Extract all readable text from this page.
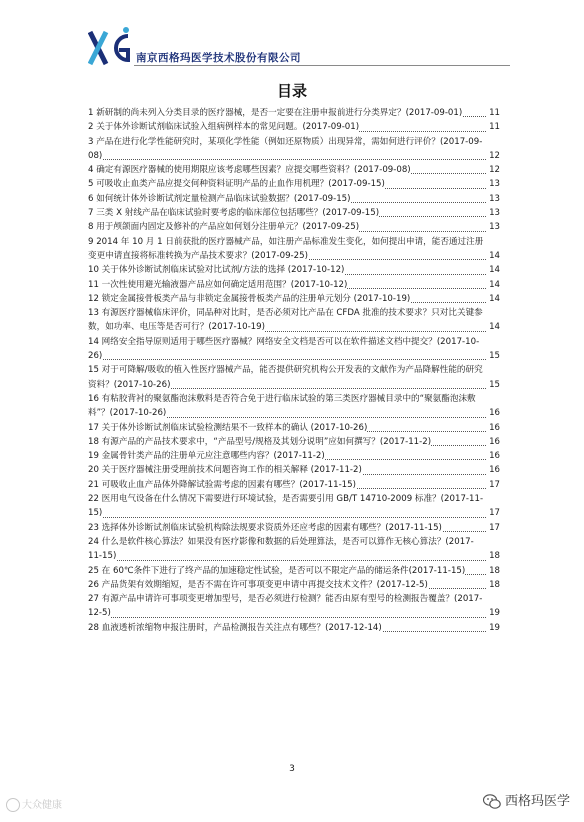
南京西格玛医学技术股份有限公司
目录
1 新研制的尚未列入分类目录的医疗器械，是否一定要在注册申报前进行分类界定？(2017-09-01)	11
2 关于体外诊断试剂临床试验入组病例样本的常见问题。(2017-09-01)	11
3 产品在进行化学性能研究时，某项化学性能（例如还原物质）出现异常，需如何进行评价？(2017-09-08)	12
4 确定有源医疗器械的使用期限应该考虑哪些因素？应提交哪些资料？(2017-09-08)	12
5 可吸收止血类产品应提交何种资料证明产品的止血作用机理？(2017-09-15)	13
6 如何统计体外诊断试剂定量检测产品临床试验数据？(2017-09-15)	13
7 三类 X 射线产品在临床试验时要考虑的临床部位包括哪些？(2017-09-15)	13
8 用于颅颌面内固定及修补的产品应如何划分注册单元？(2017-09-25)	13
9 2014 年 10 月 1 日前获批的医疗器械产品，如注册产品标准发生变化，如何提出申请，能否通过注册变更申请直接将标准转换为产品技术要求？(2017-09-25)	14
10 关于体外诊断试剂临床试验对比试剂/方法的选择 (2017-10-12)	14
11 一次性使用避光输液器产品应如何确定适用范围？(2017-10-12)	14
12 锁定金属接骨板类产品与非锁定金属接骨板类产品的注册单元划分 (2017-10-19)	14
13 有源医疗器械临床评价，同品种对比时，是否必须对比产品在 CFDA 批准的技术要求？只对比关键参数，如功率、电压等是否可行？(2017-10-19)	14
14 网络安全指导原则适用于哪些医疗器械？网络安全文档是否可以在软件描述文档中提交？(2017-10-26)	15
15 对于可降解/吸收的植入性医疗器械产品，能否提供研究机构公开发表的文献作为产品降解性能的研究资料？(2017-10-26)	15
16 有粘胶背衬的聚氨酯泡沫敷料是否符合免于进行临床试验的第三类医疗器械目录中的“聚氨酯泡沫敷料”？(2017-10-26)	16
17 关于体外诊断试剂临床试验检测结果不一致样本的确认 (2017-10-26)	16
18 有源产品的产品技术要求中，“产品型号/规格及其划分说明”应如何撰写？(2017-11-2)	16
19 金属骨针类产品的注册单元应注意哪些内容？(2017-11-2)	16
20 关于医疗器械注册受理前技术问题咨询工作的相关解释 (2017-11-2)	16
21 可吸收止血产品体外降解试验需考虑的因素有哪些？(2017-11-15)	17
22 医用电气设备在什么情况下需要进行环境试验，是否需要引用 GB/T 14710-2009 标准？(2017-11-15)	17
23 选择体外诊断试剂临床试验机构除法规要求资质外还应考虑的因素有哪些？(2017-11-15)	17
24 什么是软件核心算法？如果没有医疗影像和数据的后处理算法，是否可以算作无核心算法？(2017-11-15)	18
25 在 60℃条件下进行了终产品的加速稳定性试验，是否可以不限定产品的储运条件(2017-11-15)	18
26 产品货架有效期缩短，是否不需在许可事项变更申请中再提交技术文件？(2017-12-5)	18
27 有源产品申请许可事项变更增加型号，是否必须进行检测？能否由原有型号的检测报告覆盖？(2017-12-5)	19
28 血液透析浓缩物申报注册时，产品检测报告关注点有哪些？(2017-12-14)	19
3
大众健康	西格玛医学
